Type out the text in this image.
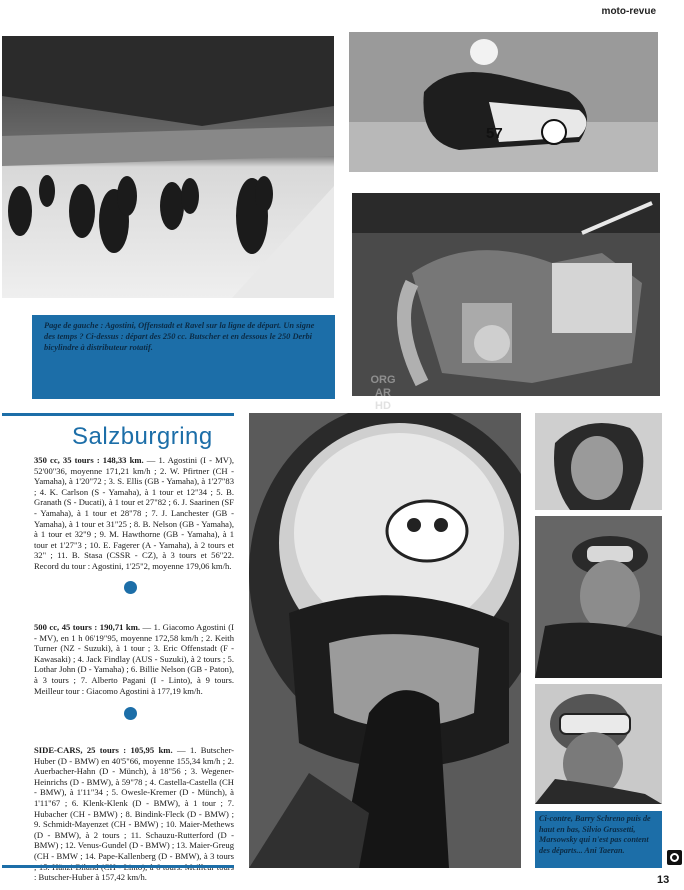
moto-revue
Page de gauche : Agostini, Offenstadt et Ravel sur la ligne de départ. Un signe des temps ? Ci-dessus : départ des 250 cc. Butscher et en dessous le 250 Derbi bicylindre à distributeur rotatif.
57
ORG
AR
HD
Salzburgring
350 cc, 35 tours : 148,33 km. — 1. Agostini (I - MV), 52'00"36, moyenne 171,21 km/h ; 2. W. Pfirtner (CH - Yamaha), à 1'20"72 ; 3. S. Ellis (GB - Yamaha), à 1'27"83 ; 4. K. Carlson (S - Yamaha), à 1 tour et 12"34 ; 5. B. Granath (S - Ducati), à 1 tour et 27"82 ; 6. J. Saarinen (SF - Yamaha), à 1 tour et 28"78 ; 7. J. Lanchester (GB - Yamaha), à 1 tour et 31"25 ; 8. B. Nelson (GB - Yamaha), à 1 tour et 32"9 ; 9. M. Hawthorne (GB - Yamaha), à 1 tour et 1'27"3 ; 10. E. Fagerer (A - Yamaha), à 2 tours et 32" ; 11. B. Stasa (CSSR - CZ), à 3 tours et 56"22. Record du tour : Agostini, 1'25"2, moyenne 179,06 km/h.
500 cc, 45 tours : 190,71 km. — 1. Giacomo Agostini (I - MV), en 1 h 06'19"95, moyenne 172,58 km/h ; 2. Keith Turner (NZ - Suzuki), à 1 tour ; 3. Eric Offenstadt (F - Kawasaki) ; 4. Jack Findlay (AUS - Suzuki), à 2 tours ; 5. Lothar John (D - Yamaha) ; 6. Billie Nelson (GB - Paton), à 3 tours ; 7. Alberto Pagani (I - Linto), à 9 tours. Meilleur tour : Giacomo Agostini à 177,19 km/h.
SIDE-CARS, 25 tours : 105,95 km. — 1. Butscher-Huber (D - BMW) en 40'5"66, moyenne 155,34 km/h ; 2. Auerbacher-Hahn (D - Münch), à 18"56 ; 3. Wegener-Heinrichs (D - BMW), à 59"78 ; 4. Castella-Castella (CH - BMW), à 1'11"34 ; 5. Owesle-Kremer (D - Münch), à 1'11"67 ; 6. Klenk-Klenk (D - BMW), à 1 tour ; 7. Hubacher (CH - BMW) ; 8. Bindink-Fleck (D - BMW) ; 9. Schmidt-Mayenzet (CH - BMW) ; 10. Maier-Methews (D - BMW), à 2 tours ; 11. Schauzu-Rutterford (D - BMW) ; 12. Venus-Gundel (D - BMW) ; 13. Maier-Greug (CH - BMW ; 14. Pape-Kallenberg (D - BMW), à 3 tours : Butscher-Huber à 157,42 km/h.
Ci-contre, Barry Schreno puis de haut en bas, Silvio Grassetti, Marsowsky qui n'est pas content des départs... Ani Taeran.
13
